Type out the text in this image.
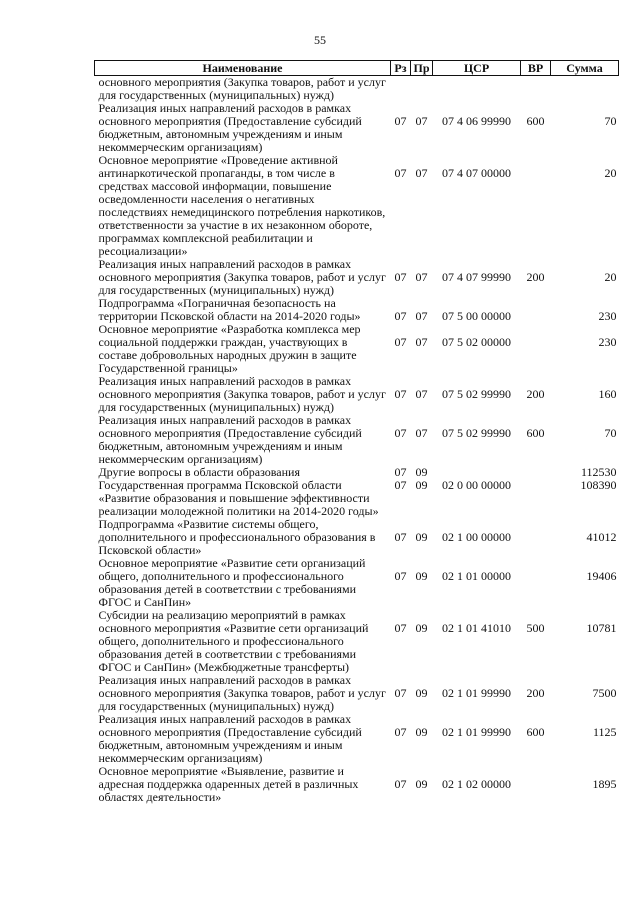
55
Наименование	Рз	Пр	ЦСР	ВР	Сумма
основного мероприятия (Закупка товаров, работ и услуг для государственных (муниципальных) нужд)					
Реализация иных направлений расходов в рамках основного мероприятия (Предоставление субсидий бюджетным, автономным учреждениям и иным некоммерческим организациям)	07	07	07 4 06 99990	600	70
Основное мероприятие «Проведение активной антинаркотической пропаганды, в том числе в средствах массовой информации, повышение осведомленности населения о негативных последствиях немедицинского потребления наркотиков, ответственности за участие в их незаконном обороте, программах комплексной реабилитации и ресоциализации»	07	07	07 4 07 00000		20
Реализация иных направлений расходов в рамках основного мероприятия (Закупка товаров, работ и услуг для государственных (муниципальных) нужд)	07	07	07 4 07 99990	200	20
Подпрограмма «Пограничная безопасность на территории Псковской области на 2014-2020 годы»	07	07	07 5 00 00000		230
Основное мероприятие «Разработка комплекса мер социальной поддержки граждан, участвующих в составе добровольных народных дружин в защите Государственной границы»	07	07	07 5 02 00000		230
Реализация иных направлений расходов в рамках основного мероприятия (Закупка товаров, работ и услуг для государственных (муниципальных) нужд)	07	07	07 5 02 99990	200	160
Реализация иных направлений расходов в рамках основного мероприятия (Предоставление субсидий бюджетным, автономным учреждениям и иным некоммерческим организациям)	07	07	07 5 02 99990	600	70
Другие вопросы в области образования	07	09			112530
Государственная программа Псковской области «Развитие образования и повышение эффективности реализации молодежной политики на 2014-2020 годы»	07	09	02 0 00 00000		108390
Подпрограмма «Развитие системы общего, дополнительного и профессионального образования в Псковской области»	07	09	02 1 00 00000		41012
Основное мероприятие «Развитие сети организаций общего, дополнительного и профессионального образования детей в соответствии с требованиями ФГОС и СанПин»	07	09	02 1 01 00000		19406
Субсидии на реализацию мероприятий в рамках основного мероприятия «Развитие сети организаций общего, дополнительного и профессионального образования детей в соответствии с требованиями ФГОС и СанПин» (Межбюджетные трансферты)	07	09	02 1 01 41010	500	10781
Реализация иных направлений расходов в рамках основного мероприятия (Закупка товаров, работ и услуг для государственных (муниципальных) нужд)	07	09	02 1 01 99990	200	7500
Реализация иных направлений расходов в рамках основного мероприятия (Предоставление субсидий бюджетным, автономным учреждениям и иным некоммерческим организациям)	07	09	02 1 01 99990	600	1125
Основное мероприятие «Выявление, развитие и адресная поддержка одаренных детей в различных областях деятельности»	07	09	02 1 02 00000		1895
